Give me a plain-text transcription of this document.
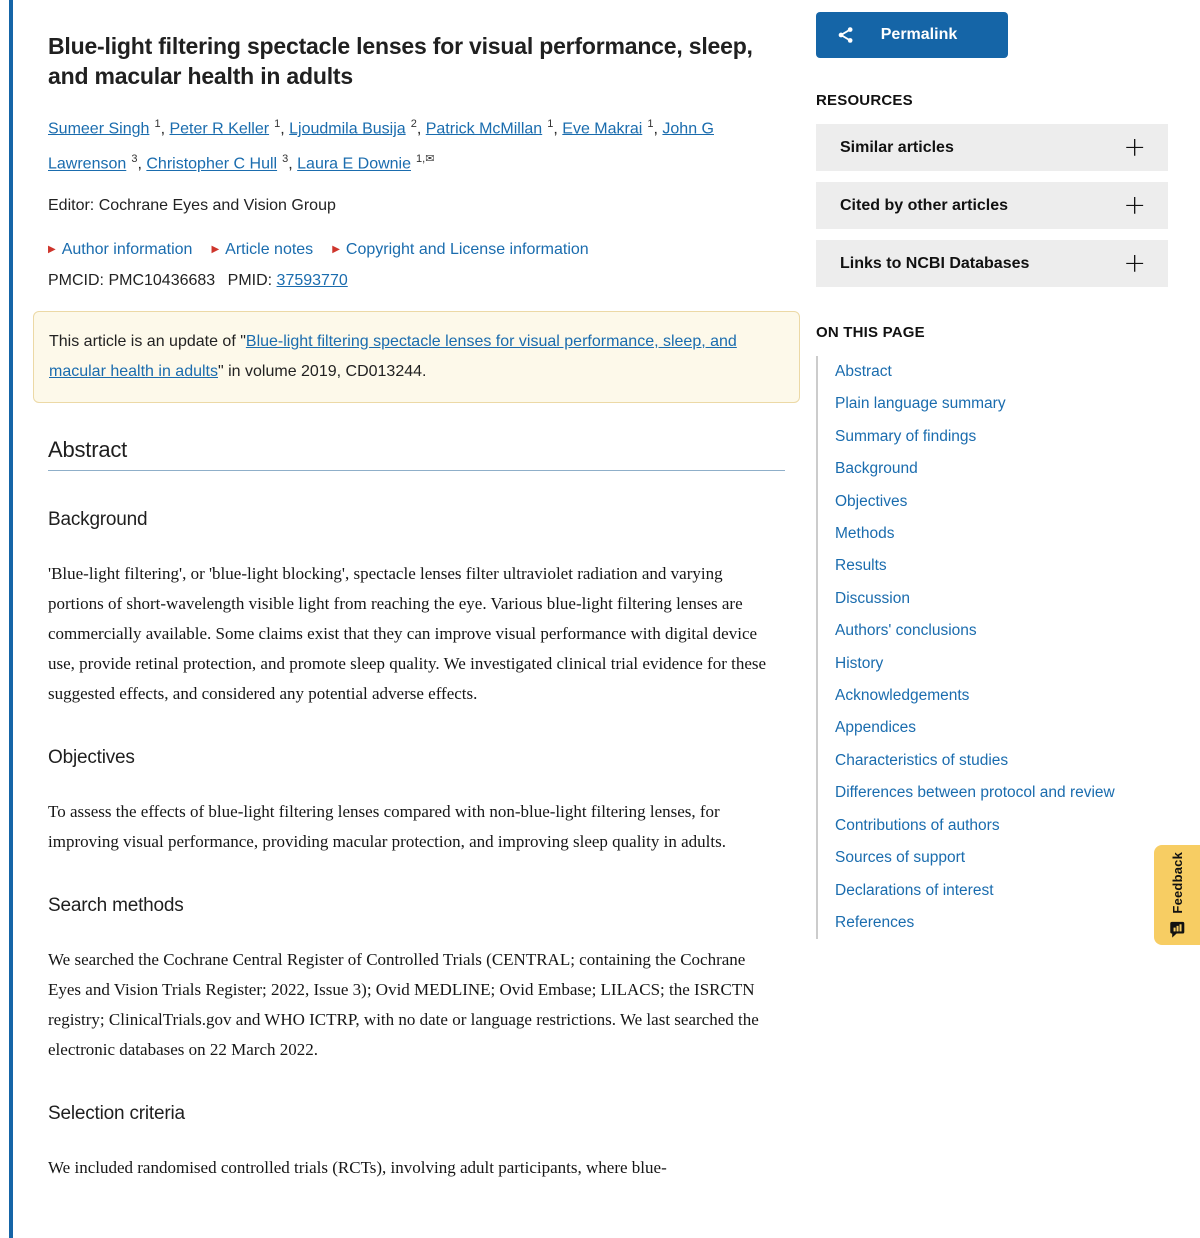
Blue-light filtering spectacle lenses for visual performance, sleep, and macular health in adults
Sumeer Singh $^1$, Peter R Keller $^1$, Ljoudmila Busija $^2$, Patrick McMillan $^1$, Eve Makrai $^1$, John G Lawrenson $^3$, Christopher C Hull $^3$, Laura E Downie $^{1,✉}$
Editor: Cochrane Eyes and Vision Group
▶ Author information ▶ Article notes ▶ Copyright and License information
PMCID: PMC10436683 PMID: 37593770
This article is an update of "Blue-light filtering spectacle lenses for visual performance, sleep, and macular health in adults" in volume 2019, CD013244.
Abstract
Background

'Blue-light filtering', or 'blue-light blocking', spectacle lenses filter ultraviolet radiation and varying portions of short-wavelength visible light from reaching the eye. Various blue-light filtering lenses are commercially available. Some claims exist that they can improve visual performance with digital device use, provide retinal protection, and promote sleep quality. We investigated clinical trial evidence for these suggested effects, and considered any potential adverse effects.

Objectives

To assess the effects of blue-light filtering lenses compared with non-blue-light filtering lenses, for improving visual performance, providing macular protection, and improving sleep quality in adults.

Search methods

We searched the Cochrane Central Register of Controlled Trials (CENTRAL; containing the Cochrane Eyes and Vision Trials Register; 2022, Issue 3); Ovid MEDLINE; Ovid Embase; LILACS; the ISRCTN registry; ClinicalTrials.gov and WHO ICTRP, with no date or language restrictions. We last searched the electronic databases on 22 March 2022.

Selection criteria

We included randomised controlled trials (RCTs), involving adult participants, where blue-

Permalink
RESOURCES
Similar articles	+
Cited by other articles	+
Links to NCBI Databases	+
ON THIS PAGE
Abstract
Plain language summary
Summary of findings
Background
Objectives
Methods
Results
Discussion
Authors' conclusions
History
Acknowledgements
Appendices
Characteristics of studies
Differences between protocol and review
Contributions of authors
Sources of support
Declarations of interest
References
Feedback
